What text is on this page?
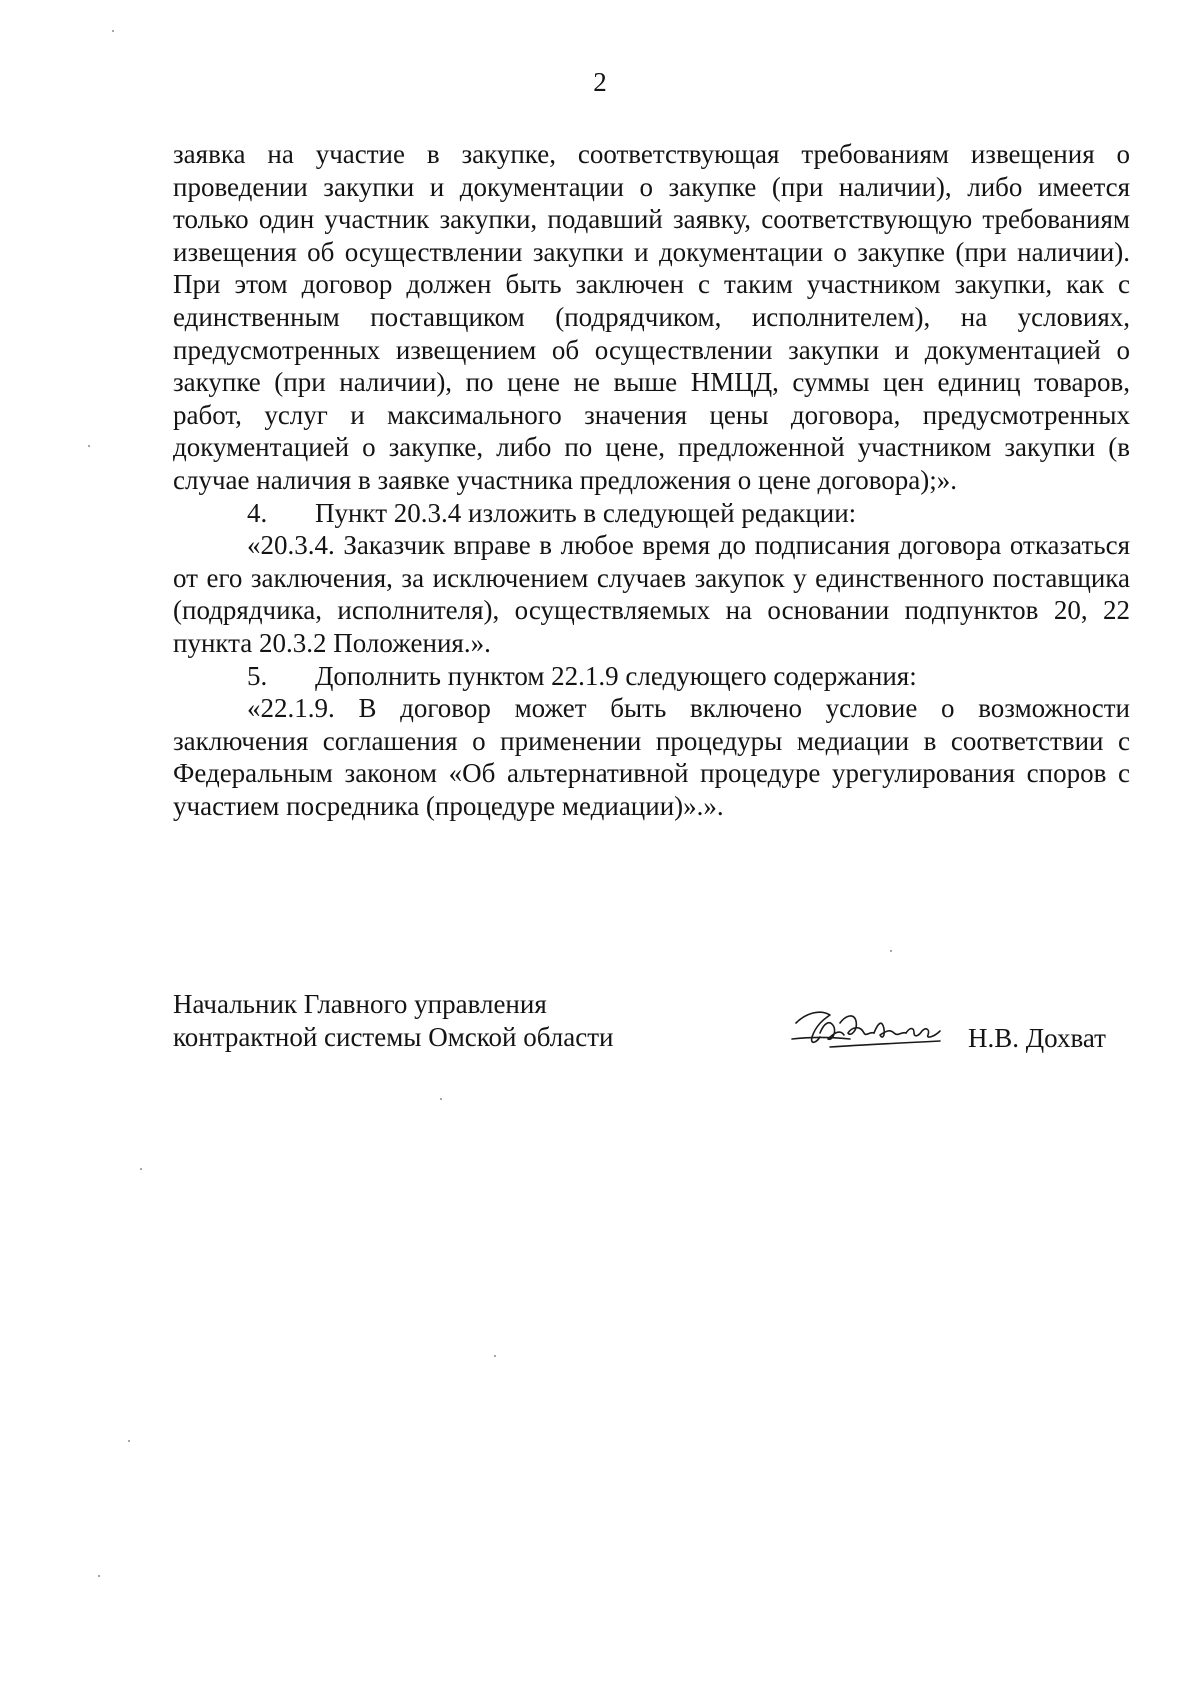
2

заявка на участие в закупке, соответствующая требованиям извещения о проведении закупки и документации о закупке (при наличии), либо имеется только один участник закупки, подавший заявку, соответствующую требованиям извещения об осуществлении закупки и документации о закупке (при наличии). При этом договор должен быть заключен с таким участником закупки, как с единственным поставщиком (подрядчиком, исполнителем), на условиях, предусмотренных извещением об осуществлении закупки и документацией о закупке (при наличии), по цене не выше НМЦД, суммы цен единиц товаров, работ, услуг и максимального значения цены договора, предусмотренных документацией о закупке, либо по цене, предложенной участником закупки (в случае наличия в заявке участника предложения о цене договора);».

4. Пункт 20.3.4 изложить в следующей редакции:

«20.3.4. Заказчик вправе в любое время до подписания договора отказаться от его заключения, за исключением случаев закупок у единственного поставщика (подрядчика, исполнителя), осуществляемых на основании подпунктов 20, 22 пункта 20.3.2 Положения.».

5. Дополнить пунктом 22.1.9 следующего содержания:

«22.1.9. В договор может быть включено условие о возможности заключения соглашения о применении процедуры медиации в соответствии с Федеральным законом «Об альтернативной процедуре урегулирования споров с участием посредника (процедуре медиации)».».

Начальник Главного управления
контрактной системы Омской области	Н.В. Дохват
